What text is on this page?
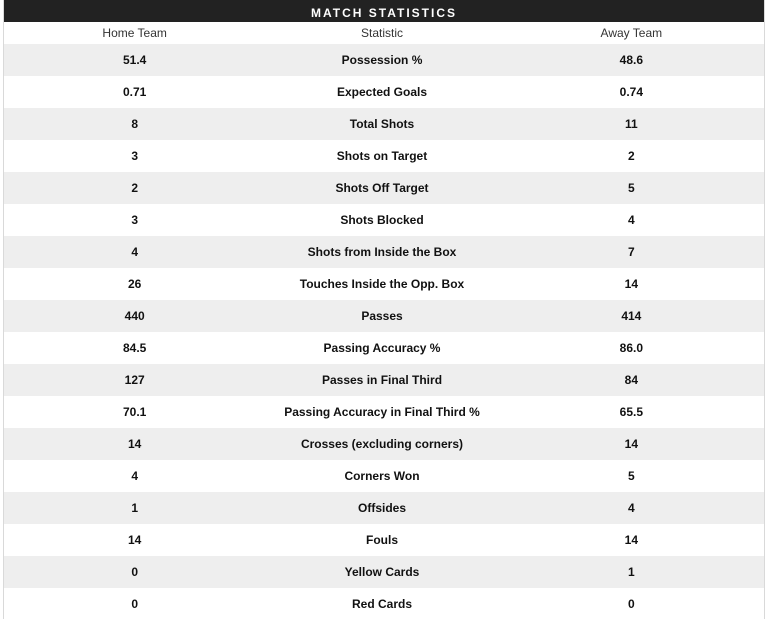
MATCH STATISTICS
Home Team	Statistic	Away Team
51.4	Possession %	48.6
0.71	Expected Goals	0.74
8	Total Shots	11
3	Shots on Target	2
2	Shots Off Target	5
3	Shots Blocked	4
4	Shots from Inside the Box	7
26	Touches Inside the Opp. Box	14
440	Passes	414
84.5	Passing Accuracy %	86.0
127	Passes in Final Third	84
70.1	Passing Accuracy in Final Third %	65.5
14	Crosses (excluding corners)	14
4	Corners Won	5
1	Offsides	4
14	Fouls	14
0	Yellow Cards	1
0	Red Cards	0
